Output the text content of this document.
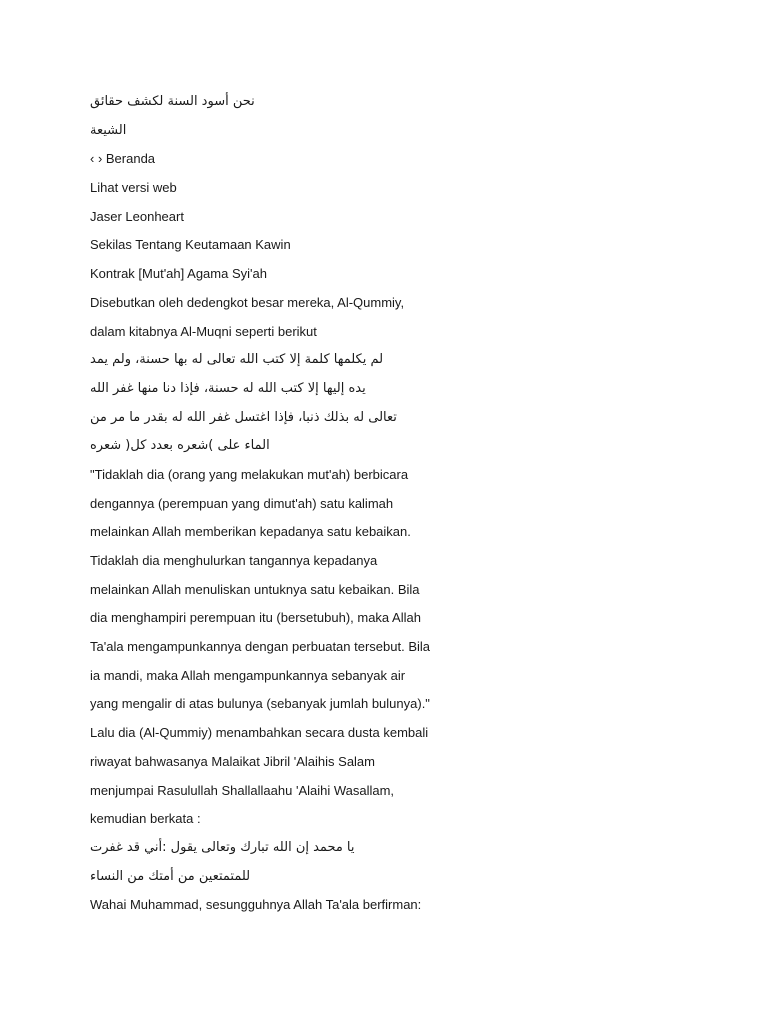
نحن أسود السنة لكشف حقائق
الشيعة
‹ › Beranda
Lihat versi web
Jaser Leonheart
Sekilas Tentang Keutamaan Kawin
Kontrak [Mut'ah] Agama Syi'ah
Disebutkan oleh dedengkot besar mereka, Al-Qummiy,
dalam kitabnya Al-Muqni seperti berikut
لم يكلمها كلمة إلا كتب الله تعالى له بها حسنة، ولم يمد
يده إليها إلا كتب الله له حسنة، فإذا دنا منها غفر الله
تعالى له بذلك ذنبا، فإذا اغتسل غفر الله له بقدر ما مر من
الماء على )شعره بعدد كل( شعره
"Tidaklah dia (orang yang melakukan mut'ah) berbicara
dengannya (perempuan yang dimut'ah) satu kalimah
melainkan Allah memberikan kepadanya satu kebaikan.
Tidaklah dia menghulurkan tangannya kepadanya
melainkan Allah menuliskan untuknya satu kebaikan. Bila
dia menghampiri perempuan itu (bersetubuh), maka Allah
Ta'ala mengampunkannya dengan perbuatan tersebut. Bila
ia mandi, maka Allah mengampunkannya sebanyak air
yang mengalir di atas bulunya (sebanyak jumlah bulunya)."
Lalu dia (Al-Qummiy) menambahkan secara dusta kembali
riwayat bahwasanya Malaikat Jibril 'Alaihis Salam
menjumpai Rasulullah Shallallaahu 'Alaihi Wasallam,
kemudian berkata :
يا محمد إن الله تبارك وتعالى يقول :أني قد غفرت
للمتمتعين من أمتك من النساء
Wahai Muhammad, sesungguhnya Allah Ta'ala berfirman:
